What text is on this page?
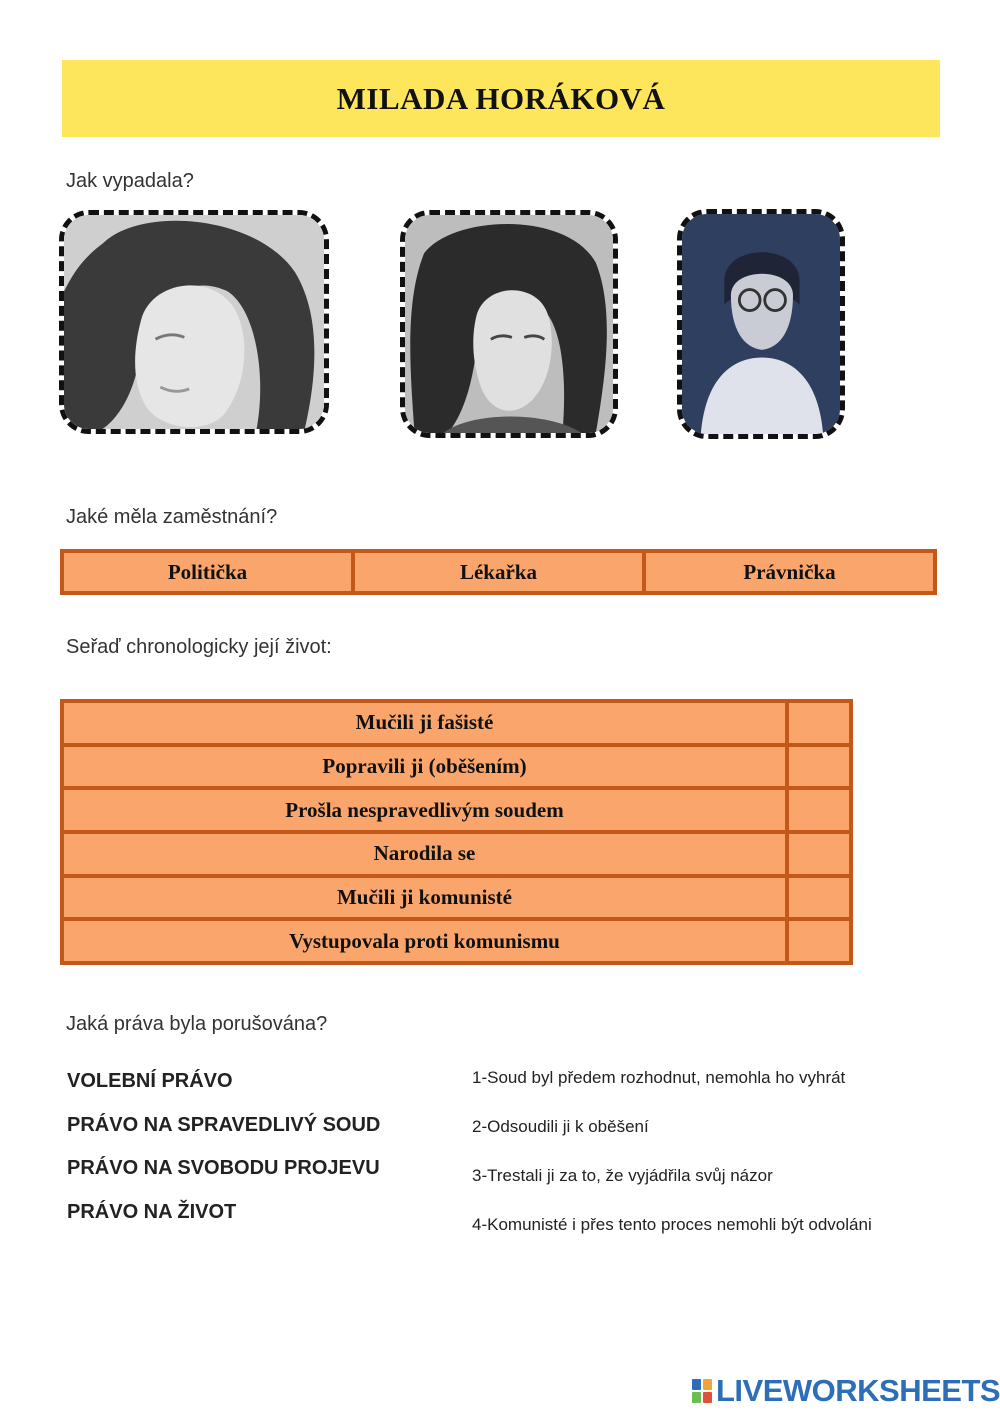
MILADA HORÁKOVÁ
Jak vypadala?
Jaké měla zaměstnání?
Politička	Lékařka	Právnička
Seřaď chronologicky její život:
Mučili ji fašisté
Popravili ji (oběšením)
Prošla nespravedlivým soudem
Narodila se
Mučili ji komunisté
Vystupovala proti komunismu
Jaká práva byla porušována?
VOLEBNÍ PRÁVO
PRÁVO NA SPRAVEDLIVÝ SOUD
PRÁVO NA SVOBODU PROJEVU
PRÁVO NA ŽIVOT
1-Soud byl předem rozhodnut, nemohla ho vyhrát
2-Odsoudili ji k oběšení
3-Trestali ji za to, že vyjádřila svůj názor
4-Komunisté i přes tento proces nemohli být odvoláni
LIVEWORKSHEETS
